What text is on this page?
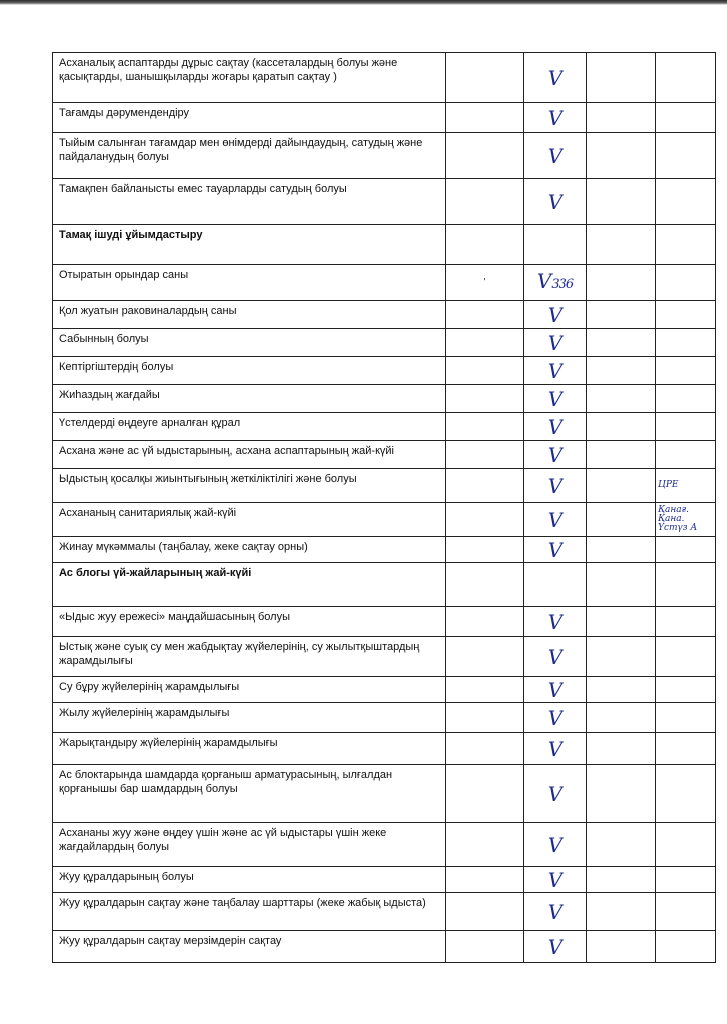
Асханалық аспаптарды дұрыс сақтау (кассеталардың болуы және қасықтарды, шанышқыларды жоғары қаратып сақтау )		V		

Тағамды дәрумендендіру		V		

Тыйым салынған тағамдар мен өнімдерді дайындаудың, сатудың және пайдаланудың болуы		V		

Тамақпен байланысты емес тауарларды сатудың болуы		V		

Тамақ ішуді ұйымдастыру				
Отыратын орындар саны	'	V336		

Қол жуатын раковиналардың саны		V		

Сабынның болуы		V		

Кептіргіштердің болуы		V		

Жиһаздың жағдайы		V		

Үстелдерді өңдеуге арналған құрал		V		

Асхана және ас үй ыдыстарының, асхана аспаптарының жай-күйі		V		

Ыдыстың қосалқы жиынтығының жеткіліктілігі және болуы		V		ЦРЕ

Асхананың санитариялық жай-күйі		V		Қанағ. Қана. Үстүз А

Жинау мүкәммалы (таңбалау, жеке сақтау орны)		V		

Ас блогы үй-жайларының жай-күйі				
«Ыдыс жуу ережесі» маңдайшасының болуы		V		

Ыстық және суық су мен жабдықтау жүйелерінің, су жылытқыштардың жарамдылығы		V		

Су бұру жүйелерінің жарамдылығы		V		

Жылу жүйелерінің жарамдылығы		V		

Жарықтандыру жүйелерінің жарамдылығы		V		

Ас блоктарында шамдарда қорғаныш арматурасының, ылғалдан қорғанышы бар шамдардың болуы		V		

Асхананы жуу және өңдеу үшін және ас үй ыдыстары үшін жеке жағдайлардың болуы		V		

Жуу құралдарының болуы		V		

Жуу құралдарын сақтау және таңбалау шарттары (жеке жабық ыдыста)		V		

Жуу құралдарын сақтау мерзімдерін сақтау		V		
